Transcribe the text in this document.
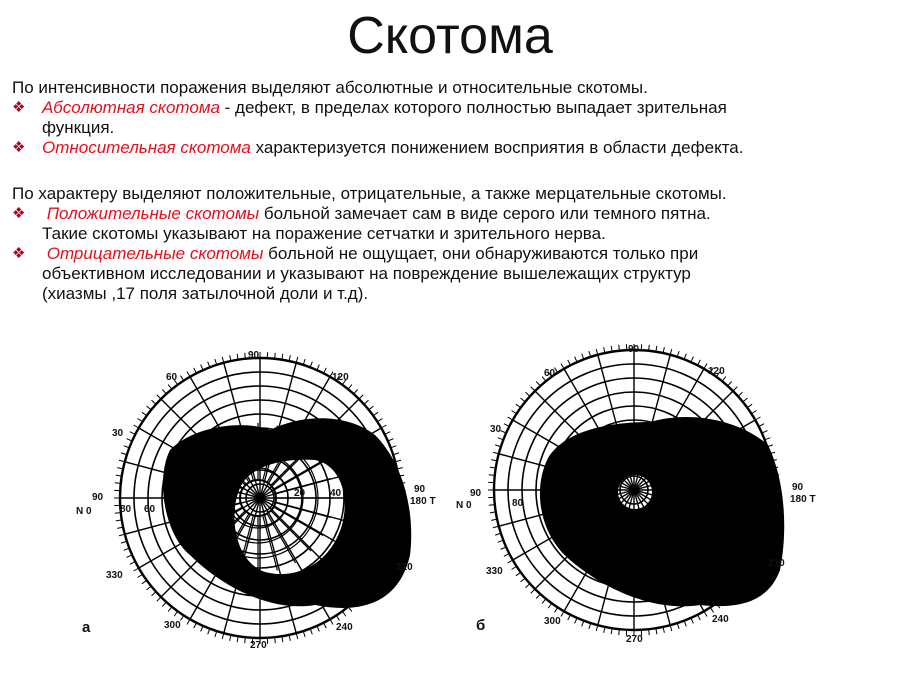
Скотома

По интенсивности поражения выделяют абсолютные и относительные скотомы.

❖ Абсолютная скотома - дефект, в пределах которого полностью выпадает зрительная
функция.

❖ Относительная скотома характеризуется понижением восприятия в области дефекта.

По характеру выделяют положительные, отрицательные, а также мерцательные скотомы.

❖ Положительные скотомы больной замечает сам в виде серого или темного пятна.
Такие скотомы указывают на поражение сетчатки и зрительного нерва.

❖ Отрицательные скотомы больной не ощущает, они обнаруживаются только при
объективном исследовании и указывают на повреждение вышележащих структур
(хиазмы ,17 поля затылочной доли и т.д).

90
60	120
30
90
N 0
90
180 T
80 60
40
20
330
210
300	240
270
а
90
60	120
30
90
N 0
90
180 T
80
330
210
300	240
270
б
